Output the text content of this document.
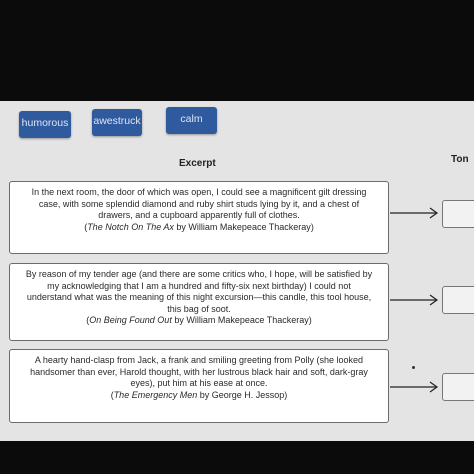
humorous awestruck	calm
Excerpt	Ton
In the next room, the door of which was open, I could see a magnificent gilt dressing
case, with some splendid diamond and ruby shirt studs lying by it, and a chest of
drawers, and a cupboard apparently full of clothes.
(The Notch On The Ax by William Makepeace Thackeray)
By reason of my tender age (and there are some critics who, I hope, will be satisfied by
my acknowledging that I am a hundred and fifty-six next birthday) I could not
understand what was the meaning of this night excursion—this candle, this tool house,
this bag of soot.
(On Being Found Out by William Makepeace Thackeray)
A hearty hand-clasp from Jack, a frank and smiling greeting from Polly (she looked
handsomer than ever, Harold thought, with her lustrous black hair and soft, dark-gray
eyes), put him at his ease at once.
(The Emergency Men by George H. Jessop)
